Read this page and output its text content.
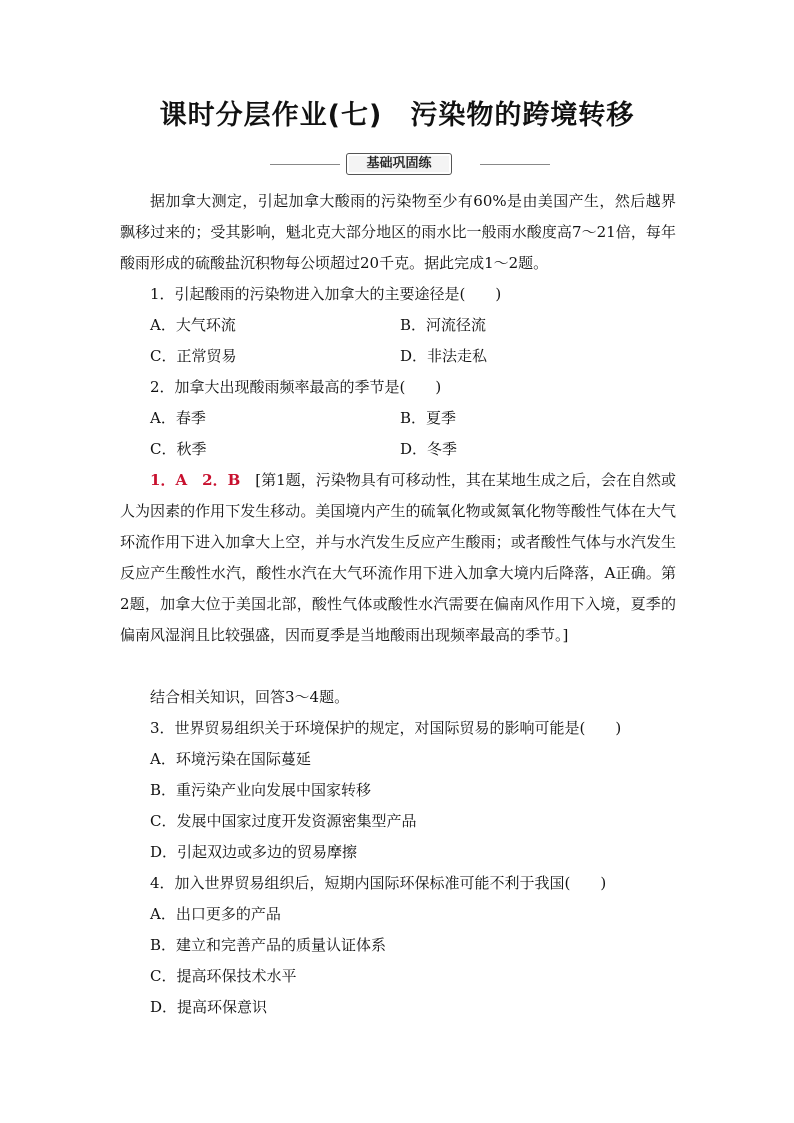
课时分层作业(七)　污染物的跨境转移
基础巩固练
据加拿大测定，引起加拿大酸雨的污染物至少有60%是由美国产生，然后越界飘移过来的；受其影响，魁北克大部分地区的雨水比一般雨水酸度高7～21倍，每年酸雨形成的硫酸盐沉积物每公顷超过20千克。据此完成1～2题。
1．引起酸雨的污染物进入加拿大的主要途径是(　　)
A．大气环流	B．河流径流
C．正常贸易	D．非法走私
2．加拿大出现酸雨频率最高的季节是(　　)
A．春季	B．夏季
C．秋季	D．冬季
1．A　2．B　[第1题，污染物具有可移动性，其在某地生成之后，会在自然或人为因素的作用下发生移动。美国境内产生的硫氧化物或氮氧化物等酸性气体在大气环流作用下进入加拿大上空，并与水汽发生反应产生酸雨；或者酸性气体与水汽发生反应产生酸性水汽，酸性水汽在大气环流作用下进入加拿大境内后降落，A正确。第2题，加拿大位于美国北部，酸性气体或酸性水汽需要在偏南风作用下入境，夏季的偏南风湿润且比较强盛，因而夏季是当地酸雨出现频率最高的季节。]
结合相关知识，回答3～4题。
3．世界贸易组织关于环境保护的规定，对国际贸易的影响可能是(　　)
A．环境污染在国际蔓延
B．重污染产业向发展中国家转移
C．发展中国家过度开发资源密集型产品
D．引起双边或多边的贸易摩擦
4．加入世界贸易组织后，短期内国际环保标准可能不利于我国(　　)
A．出口更多的产品
B．建立和完善产品的质量认证体系
C．提高环保技术水平
D．提高环保意识
